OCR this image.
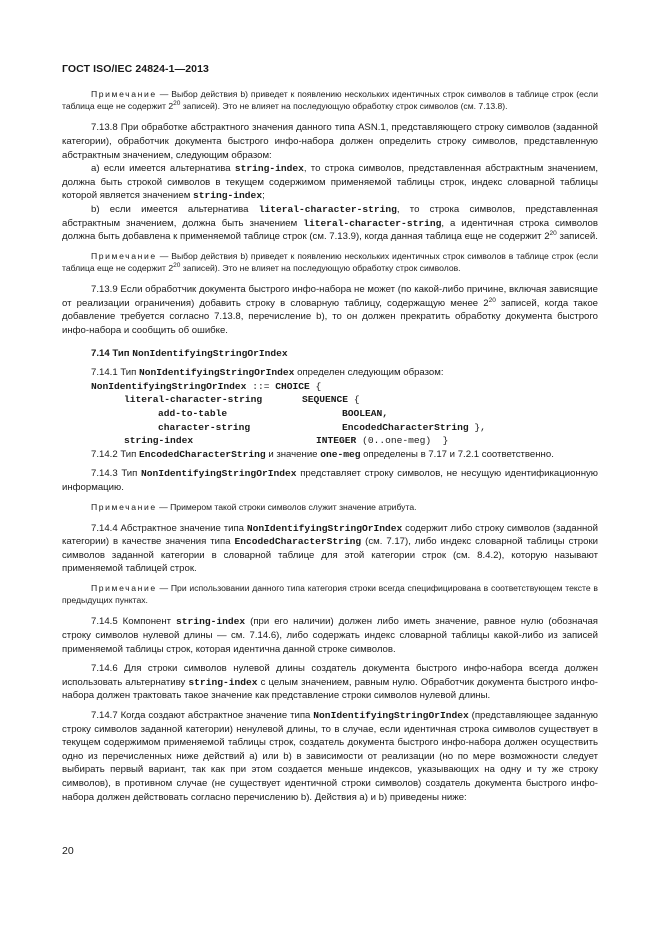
ГОСТ ISO/IEC 24824-1—2013

Примечание — Выбор действия b) приведет к появлению нескольких идентичных строк символов в таблице строк (если таблица еще не содержит $2^{20}$ записей). Это не влияет на последующую обработку строк символов (см. 7.13.8).

7.13.8 При обработке абстрактного значения данного типа ASN.1, представляющего строку символов (заданной категории), обработчик документа быстрого инфо-набора должен определить строку символов, представленную абстрактным значением, следующим образом:

a) если имеется альтернатива string-index, то строка символов, представленная абстрактным значением, должна быть строкой символов в текущем содержимом применяемой таблицы строк, индекс словарной таблицы которой является значением string-index;

b) если имеется альтернатива literal-character-string, то строка символов, представленная абстрактным значением, должна быть значением literal-character-string, а идентичная строка символов должна быть добавлена к применяемой таблице строк (см. 7.13.9), когда данная таблица еще не содержит $2^{20}$ записей.

Примечание — Выбор действия b) приведет к появлению нескольких идентичных строк символов в таблице строк (если таблица еще не содержит $2^{20}$ записей). Это не влияет на последующую обработку строк символов.

7.13.9 Если обработчик документа быстрого инфо-набора не может (по какой-либо причине, включая зависящие от реализации ограничения) добавить строку в словарную таблицу, содержащую менее $2^{20}$ записей, когда такое добавление требуется согласно 7.13.8, перечисление b), то он должен прекратить обработку документа быстрого инфо-набора и сообщить об ошибке.

7.14 Тип NonIdentifyingStringOrIndex

7.14.1 Тип NonIdentifyingStringOrIndex определен следующим образом:

NonIdentifyingStringOrIndex ::= CHOICE {
literal-character-string	SEQUENCE {
add-to-table	BOOLEAN,
character-string	EncodedCharacterString },
string-index	INTEGER (0..one-meg)  }

7.14.2 Тип EncodedCharacterString и значение one-meg определены в 7.17 и 7.2.1 соответственно.

7.14.3 Тип NonIdentifyingStringOrIndex представляет строку символов, не несущую идентификационную информацию.

Примечание — Примером такой строки символов служит значение атрибута.

7.14.4 Абстрактное значение типа NonIdentifyingStringOrIndex содержит либо строку символов (заданной категории) в качестве значения типа EncodedCharacterString (см. 7.17), либо индекс словарной таблицы строки символов заданной категории в словарной таблице для этой категории строк (см. 8.4.2), которую называют применяемой таблицей строк.

Примечание — При использовании данного типа категория строки всегда специфицирована в соответствующем тексте в предыдущих пунктах.

7.14.5 Компонент string-index (при его наличии) должен либо иметь значение, равное нулю (обозначая строку символов нулевой длины — см. 7.14.6), либо содержать индекс словарной таблицы какой-либо из записей применяемой таблицы строк, которая идентична данной строке символов.

7.14.6 Для строки символов нулевой длины создатель документа быстрого инфо-набора всегда должен использовать альтернативу string-index с целым значением, равным нулю. Обработчик документа быстрого инфо-набора должен трактовать такое значение как представление строки символов нулевой длины.

7.14.7 Когда создают абстрактное значение типа NonIdentifyingStringOrIndex (представляющее заданную строку символов заданной категории) ненулевой длины, то в случае, если идентичная строка символов существует в текущем содержимом применяемой таблицы строк, создатель документа быстрого инфо-набора должен осуществить одно из перечисленных ниже действий a) или b) в зависимости от реализации (но по мере возможности следует выбирать первый вариант, так как при этом создается меньше индексов, указывающих на одну и ту же строку символов), в противном случае (не существует идентичной строки символов) создатель документа быстрого инфо-набора должен действовать согласно перечислению b). Действия a) и b) приведены ниже:

20
